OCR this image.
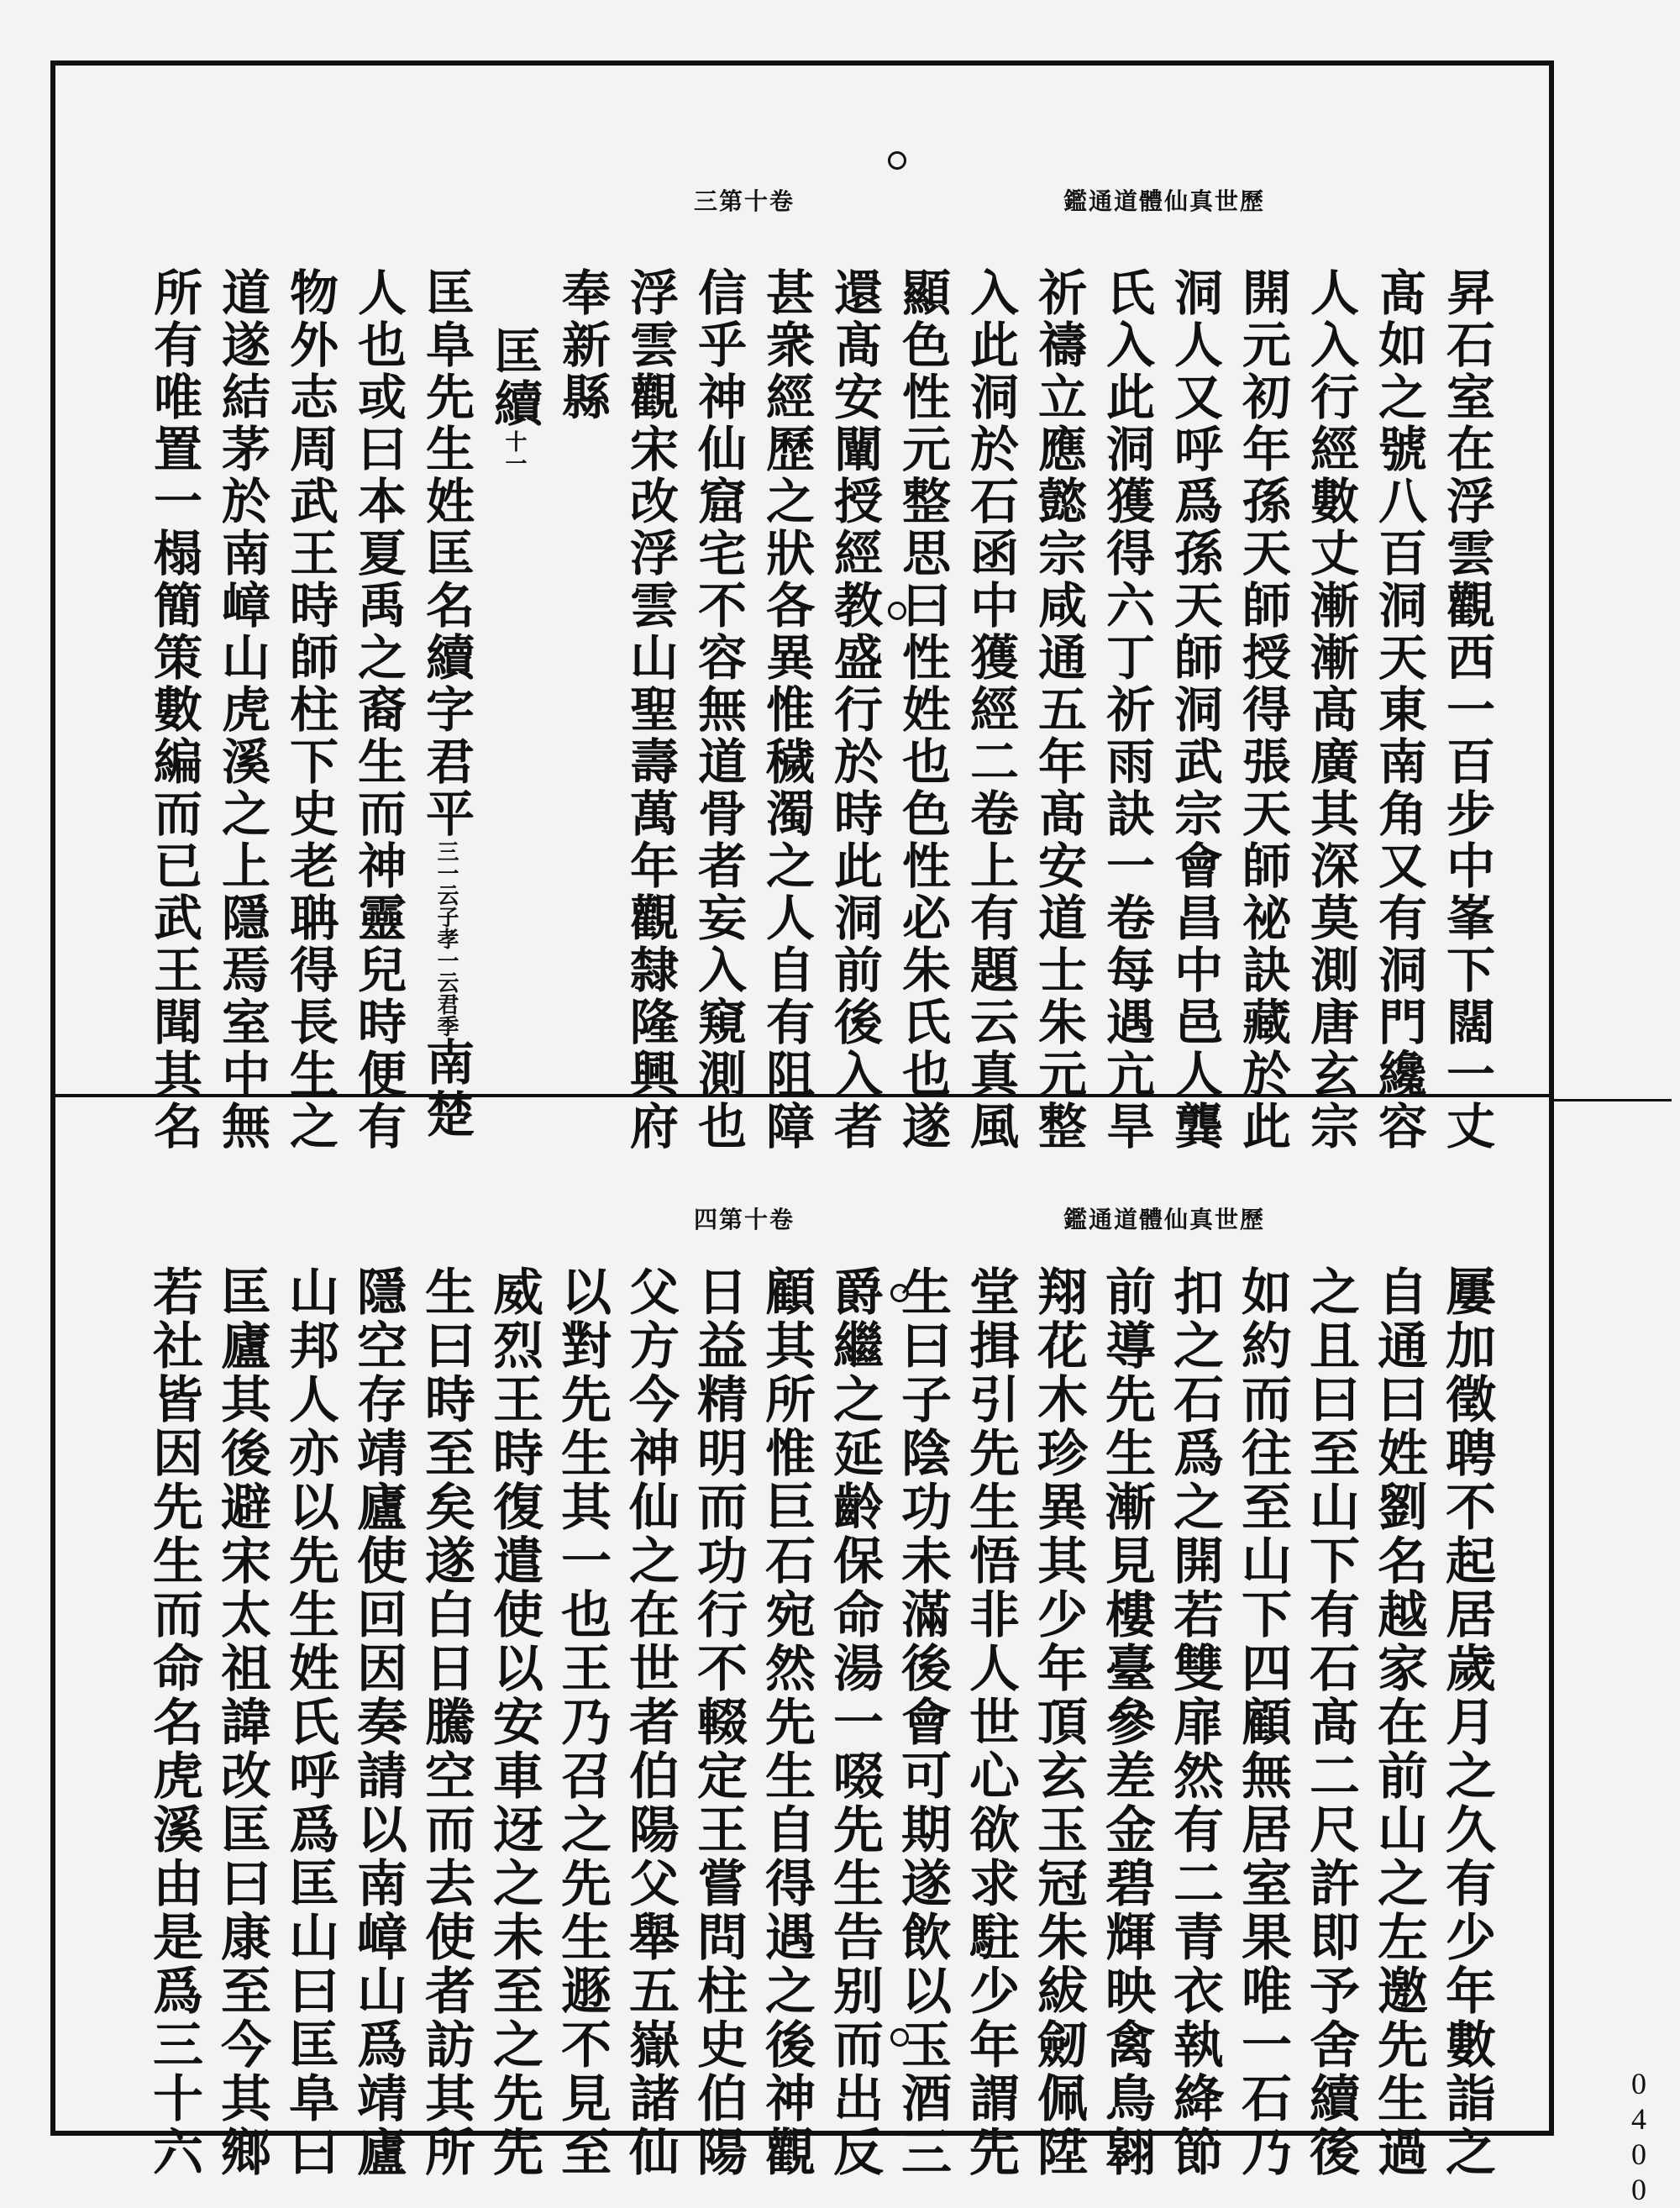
卷十第三	歷世真仙體道通鑑
昇石室在浮雲觀西一百步中峯下闊一丈
髙如之號八百洞天東南角又有洞門纔容
人入行經數丈漸漸髙廣其深莫測唐玄宗
開元初年孫天師授得張天師祕訣藏於此
洞人又呼爲孫天師洞武宗會昌中邑人龔
氏入此洞獲得六丁祈雨訣一卷每遇亢旱
祈禱立應懿宗咸通五年髙安道士朱元整
入此洞於石函中獲經二卷上有題云真風
顯色性元整思曰性姓也色性必朱氏也遂
還髙安闡授經教盛行於時此洞前後入者
甚衆經歷之狀各異惟穢濁之人自有阻障
信乎神仙窟宅不容無道骨者妄入窺測也
浮雲觀宋改浮雲山聖壽萬年觀隸隆興府
奉新縣
匡續十一
匡阜先生姓匡名續字君平三一云子孝一云君季南楚
人也或曰本夏禹之裔生而神靈兒時便有
物外志周武王時師柱下史老聃得長生之
道遂結茅於南嶂山虎溪之上隱焉室中無
所有唯置一榻簡策數編而已武王聞其名
卷十第四	歷世真仙體道通鑑
屢加徵聘不起居歲月之久有少年數詣之
自通曰姓劉名越家在前山之左邀先生過
之且曰至山下有石髙二尺許即予舍續後
如約而往至山下四顧無居室果唯一石乃
扣之石爲之開若雙扉然有二青衣執絳節
前導先生漸見樓臺參差金碧輝映禽鳥翱
翔花木珍異其少年頂玄玉冠朱紱劒佩陞
堂揖引先生悟非人世心欲求駐少年謂先
生曰子陰功未滿後會可期遂飲以玉酒三
爵繼之延齡保命湯一啜先生告别而出反
顧其所惟巨石宛然先生自得遇之後神觀
日益精明而功行不輟定王嘗問柱史伯陽
父方今神仙之在世者伯陽父舉五嶽諸仙
以對先生其一也王乃召之先生遯不見至
威烈王時復遣使以安車迓之未至之先先
生曰時至矣遂白日騰空而去使者訪其所
隱空存靖廬使回因奏請以南嶂山爲靖廬
山邦人亦以先生姓氏呼爲匡山曰匡阜曰
匡廬其後避宋太祖諱改匡曰康至今其鄉
若社皆因先生而命名虎溪由是爲三十六	0400
